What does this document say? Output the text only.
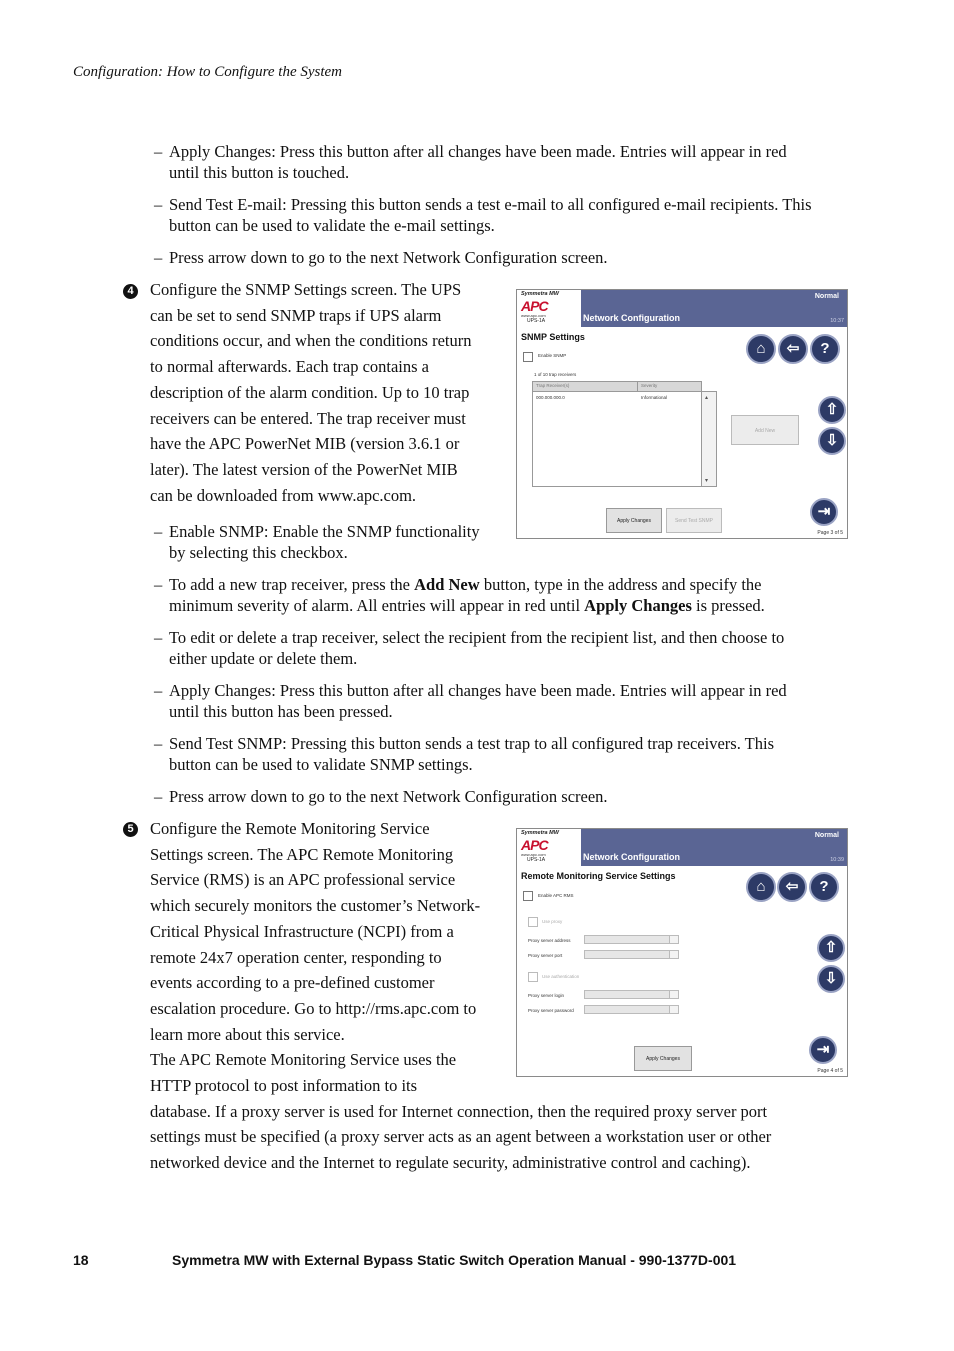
Configuration: How to Configure the System
– Apply Changes: Press this button after all changes have been made. Entries will appear in red
until this button is touched.
– Send Test E-mail: Pressing this button sends a test e-mail to all configured e-mail recipients. This
button can be used to validate the e-mail settings.
– Press arrow down to go to the next Network Configuration screen.
4 Configure the SNMP Settings screen. The UPS
can be set to send SNMP traps if UPS alarm
conditions occur, and when the conditions return
to normal afterwards. Each trap contains a
description of the alarm condition. Up to 10 trap
receivers can be entered. The trap receiver must
have the APC PowerNet MIB (version 3.6.1 or
later). The latest version of the PowerNet MIB
can be downloaded from www.apc.com.
Symmetra MW
APC
www.apc.com
UPS-1A	Network Configuration
Normal
10:37
SNMP Settings
Enable SNMP
1 of 10 trap receivers
Trap Receiver(s)	Severity
000.000.000.0	Informational	▴
▾
Add New
Apply Changes	Send Test SNMP
⌂	⇦	?
⇧
⇩
⇥
Page 3 of 5
– Enable SNMP: Enable the SNMP functionality
by selecting this checkbox.
– To add a new trap receiver, press the Add New button, type in the address and specify the
minimum severity of alarm. All entries will appear in red until Apply Changes is pressed.
– To edit or delete a trap receiver, select the recipient from the recipient list, and then choose to
either update or delete them.
– Apply Changes: Press this button after all changes have been made. Entries will appear in red
until this button has been pressed.
– Send Test SNMP: Pressing this button sends a test trap to all configured trap receivers. This
button can be used to validate SNMP settings.
– Press arrow down to go to the next Network Configuration screen.
5 Configure the Remote Monitoring Service
Settings screen. The APC Remote Monitoring
Service (RMS) is an APC professional service
which securely monitors the customer’s Network-
Critical Physical Infrastructure (NCPI) from a
remote 24x7 operation center, responding to
events according to a pre-defined customer
escalation procedure. Go to http://rms.apc.com to
learn more about this service.
The APC Remote Monitoring Service uses the
HTTP protocol to post information to its
database. If a proxy server is used for Internet connection, then the required proxy server port
settings must be specified (a proxy server acts as an agent between a workstation user or other
networked device and the Internet to regulate security, administrative control and caching).
Symmetra MW
APC
www.apc.com
UPS-1A	Network Configuration
Normal
10:39
Remote Monitoring Service Settings
Enable APC RMS
Use proxy
Proxy server address
Proxy server port
Use authentication
Proxy server login
Proxy server password
Apply Changes
⌂	⇦	?
⇧
⇩
⇥
Page 4 of 5
18	Symmetra MW with External Bypass Static Switch Operation Manual - 990-1377D-001
